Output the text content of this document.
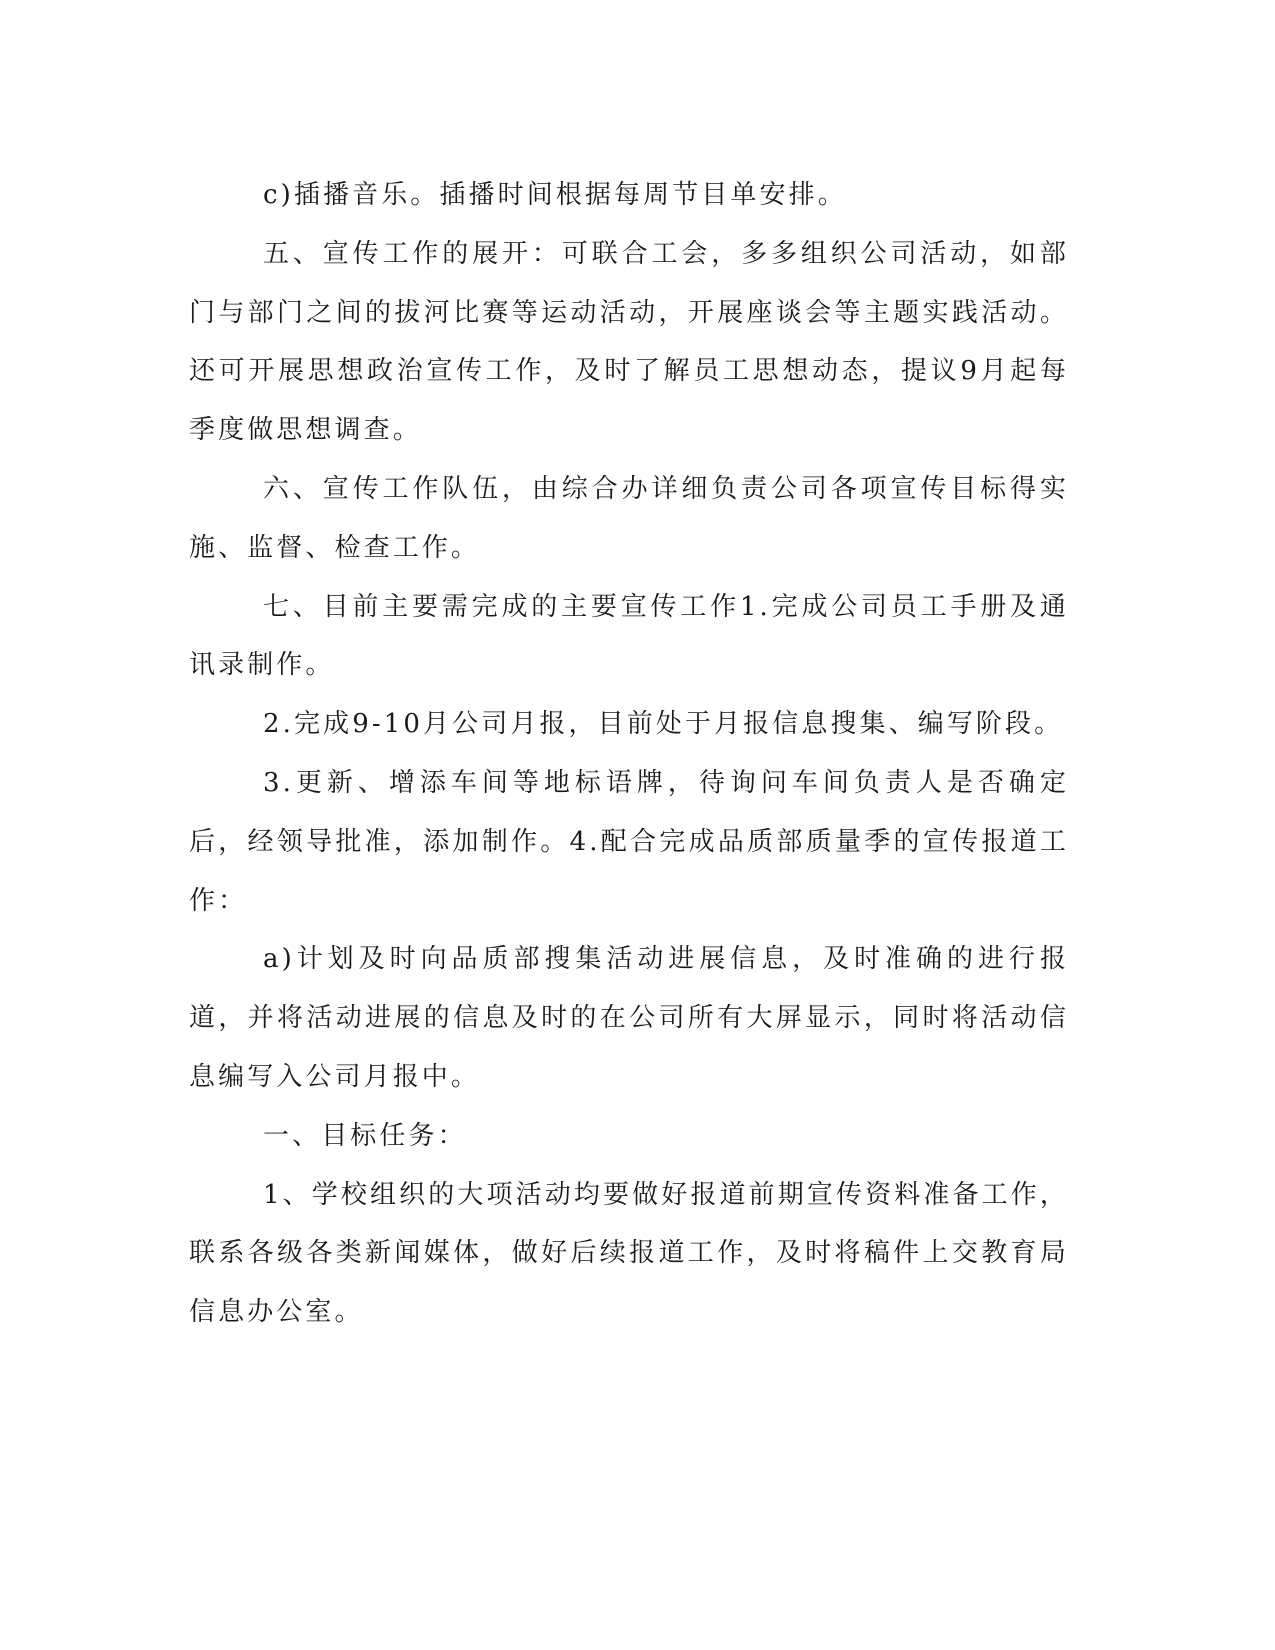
c)插播音乐。插播时间根据每周节目单安排。

五、宣传工作的展开：可联合工会，多多组织公司活动，如部门与部门之间的拔河比赛等运动活动，开展座谈会等主题实践活动。还可开展思想政治宣传工作，及时了解员工思想动态，提议9月起每季度做思想调查。

六、宣传工作队伍，由综合办详细负责公司各项宣传目标得实施、监督、检查工作。

七、目前主要需完成的主要宣传工作1.完成公司员工手册及通讯录制作。

2.完成9-10月公司月报，目前处于月报信息搜集、编写阶段。

3.更新、增添车间等地标语牌，待询问车间负责人是否确定后，经领导批准，添加制作。4.配合完成品质部质量季的宣传报道工作：

a)计划及时向品质部搜集活动进展信息，及时准确的进行报道，并将活动进展的信息及时的在公司所有大屏显示，同时将活动信息编写入公司月报中。

一、目标任务：

1、学校组织的大项活动均要做好报道前期宣传资料准备工作，联系各级各类新闻媒体，做好后续报道工作，及时将稿件上交教育局信息办公室。
